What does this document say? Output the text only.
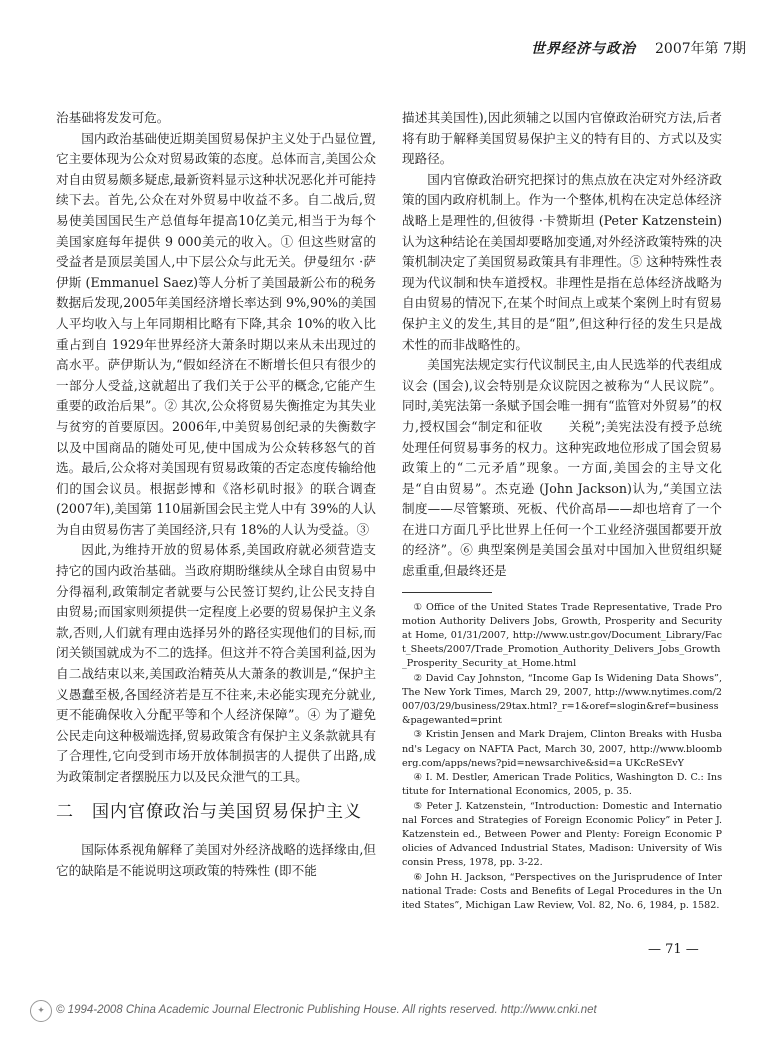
世界经济与政治 2007年第 7期

治基础将发发可危。

国内政治基础使近期美国贸易保护主义处于凸显位置,它主要体现为公众对贸易政策的态度。总体而言,美国公众对自由贸易颇多疑虑,最新资料显示这种状况恶化并可能持续下去。首先,公众在对外贸易中收益不多。自二战后,贸易使美国国民生产总值每年提高10亿美元,相当于为每个美国家庭每年提供 9 000美元的收入。① 但这些财富的受益者是顶层美国人,中下层公众与此无关。伊曼纽尔 ·萨伊斯 (Emmanuel Saez)等人分析了美国最新公布的税务数据后发现,2005年美国经济增长率达到 9%,90%的美国人平均收入与上年同期相比略有下降,其余 10%的收入比重占到自 1929年世界经济大萧条时期以来从未出现过的高水平。萨伊斯认为,“假如经济在不断增长但只有很少的一部分人受益,这就超出了我们关于公平的概念,它能产生重要的政治后果”。② 其次,公众将贸易失衡推定为其失业与贫穷的首要原因。2006年,中美贸易创纪录的失衡数字以及中国商品的随处可见,使中国成为公众转移怒气的首选。最后,公众将对美国现有贸易政策的否定态度传输给他们的国会议员。根据彭博和《洛杉矶时报》的联合调查 (2007年),美国第 110届新国会民主党人中有 39%的人认为自由贸易伤害了美国经济,只有 18%的人认为受益。③

因此,为维持开放的贸易体系,美国政府就必须营造支持它的国内政治基础。当政府期盼继续从全球自由贸易中分得福利,政策制定者就要与公民签订契约,让公民支持自由贸易;而国家则须提供一定程度上必要的贸易保护主义条款,否则,人们就有理由选择另外的路径实现他们的目标,而闭关锁国就成为不二的选择。但这并不符合美国利益,因为自二战结束以来,美国政治精英从大萧条的教训是,“保护主义愚蠢至极,各国经济若是互不往来,未必能实现充分就业,更不能确保收入分配平等和个人经济保障”。④ 为了避免公民走向这种极端选择,贸易政策含有保护主义条款就具有了合理性,它向受到市场开放体制损害的人提供了出路,成为政策制定者摆脱压力以及民众泄气的工具。

二　国内官僚政治与美国贸易保护主义

国际体系视角解释了美国对外经济战略的选择缘由,但它的缺陷是不能说明这项政策的特殊性 (即不能

描述其美国性),因此须辅之以国内官僚政治研究方法,后者将有助于解释美国贸易保护主义的特有目的、方式以及实现路径。

国内官僚政治研究把探讨的焦点放在决定对外经济政策的国内政府机制上。作为一个整体,机构在决定总体经济战略上是理性的,但彼得 ·卡赞斯坦 (Peter Katzenstein)认为这种结论在美国却要略加变通,对外经济政策特殊的决策机制决定了美国贸易政策具有非理性。⑤ 这种特殊性表现为代议制和快车道授权。非理性是指在总体经济战略为自由贸易的情况下,在某个时间点上或某个案例上时有贸易保护主义的发生,其目的是“阻”,但这种行径的发生只是战术性的而非战略性的。

美国宪法规定实行代议制民主,由人民选举的代表组成议会 (国会),议会特别是众议院因之被称为“人民议院”。同时,美宪法第一条赋予国会唯一拥有“监管对外贸易”的权力,授权国会“制定和征收　　关税”;美宪法没有授予总统处理任何贸易事务的权力。这种宪政地位形成了国会贸易政策上的“二元矛盾”现象。一方面,美国会的主导文化是“自由贸易”。杰克逊 (John Jackson)认为,“美国立法制度——尽管繁琐、死板、代价高昂——却也培育了一个在进口方面几乎比世界上任何一个工业经济强国都要开放的经济”。⑥ 典型案例是美国会虽对中国加入世贸组织疑虑重重,但最终还是

① Office of the United States Trade Representative, Trade Promotion Authority Delivers Jobs, Growth, Prosperity and Security at Home, 01/31/2007, http://www.ustr.gov/Document_Library/Fact_Sheets/2007/Trade_Promotion_Authority_Delivers_Jobs_Growth_Prosperity_Security_at_Home.html

② David Cay Johnston, “Income Gap Is Widening Data Shows”, The New York Times, March 29, 2007, http://www.nytimes.com/2007/03/29/business/29tax.html?_r=1&oref=slogin&ref=business&pagewanted=print

③ Kristin Jensen and Mark Drajem, Clinton Breaks with Husband's Legacy on NAFTA Pact, March 30, 2007, http://www.bloomberg.com/apps/news?pid=newsarchive&sid=a UKcReSEvY

④ I. M. Destler, American Trade Politics, Washington D. C.: Institute for International Economics, 2005, p. 35.

⑤ Peter J. Katzenstein, “Introduction: Domestic and International Forces and Strategies of Foreign Economic Policy” in Peter J. Katzenstein ed., Between Power and Plenty: Foreign Economic Policies of Advanced Industrial States, Madison: University of Wisconsin Press, 1978, pp. 3-22.

⑥ John H. Jackson, “Perspectives on the Jurisprudence of International Trade: Costs and Benefits of Legal Procedures in the United States”, Michigan Law Review, Vol. 82, No. 6, 1984, p. 1582.

— 71 —
✦ © 1994-2008 China Academic Journal Electronic Publishing House. All rights reserved. http://www.cnki.net
